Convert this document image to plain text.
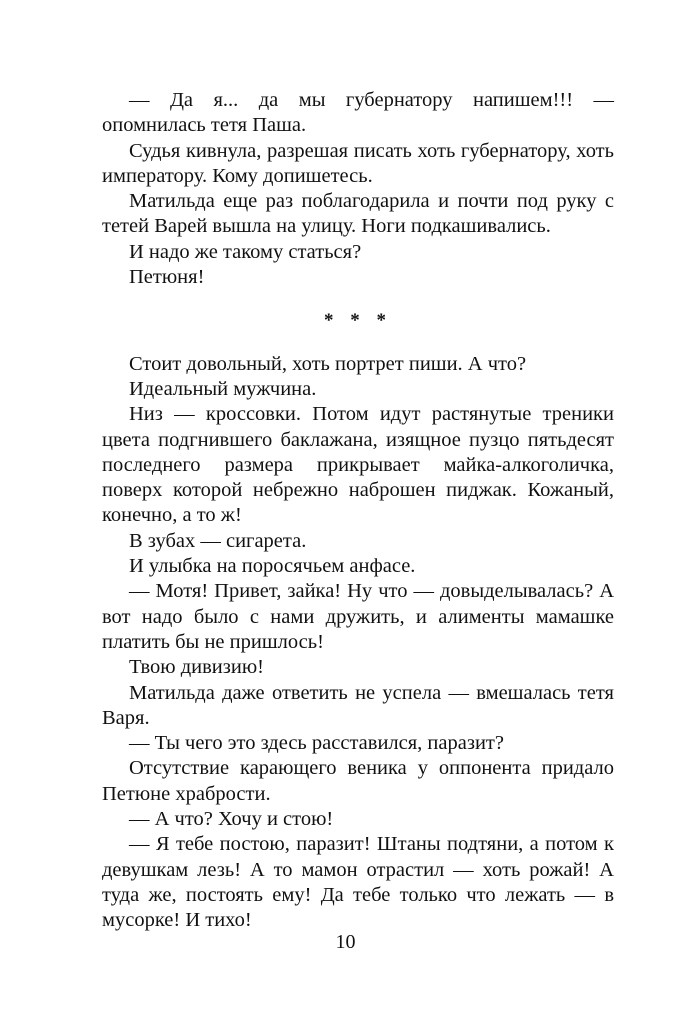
— Да я... да мы губернатору напишем!!! — опомнилась тетя Паша.

Судья кивнула, разрешая писать хоть губернатору, хоть императору. Кому допишетесь.

Матильда еще раз поблагодарила и почти под руку с тетей Варей вышла на улицу. Ноги подкашивались.

И надо же такому статься?

Петюня!

* * *

Стоит довольный, хоть портрет пиши. А что?

Идеальный мужчина.

Низ — кроссовки. Потом идут растянутые треники цвета подгнившего баклажана, изящное пузцо пятьдесят последнего размера прикрывает майка-алкоголичка, поверх которой небрежно наброшен пиджак. Кожаный, конечно, а то ж!

В зубах — сигарета.

И улыбка на поросячьем анфасе.

— Мотя! Привет, зайка! Ну что — довыделывалась? А вот надо было с нами дружить, и алименты мамашке платить бы не пришлось!

Твою дивизию!

Матильда даже ответить не успела — вмешалась тетя Варя.

— Ты чего это здесь расставился, паразит?

Отсутствие карающего веника у оппонента придало Петюне храбрости.

— А что? Хочу и стою!

— Я тебе постою, паразит! Штаны подтяни, а потом к девушкам лезь! А то мамон отрастил — хоть рожай! А туда же, постоять ему! Да тебе только что лежать — в мусорке! И тихо!

10
